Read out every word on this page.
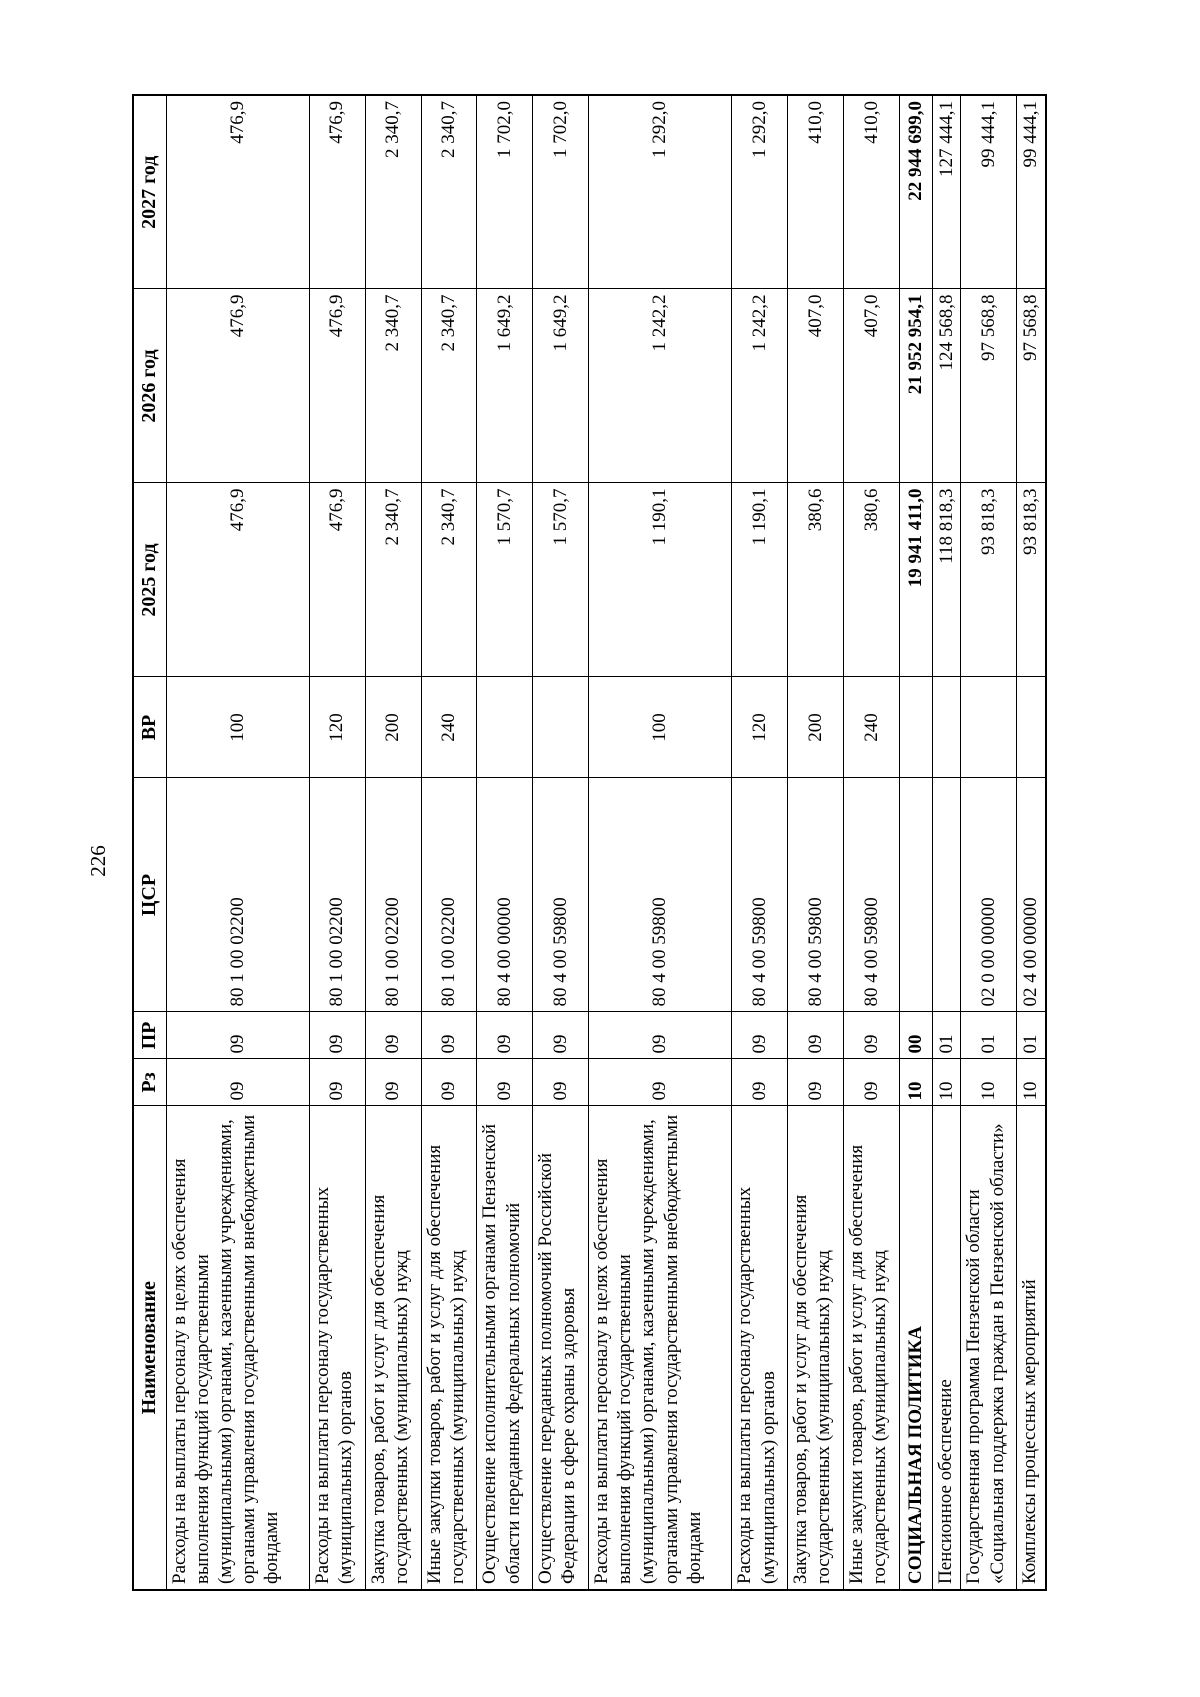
226
Наименование	Рз	ПР	ЦСР	ВР	2025 год	2026 год	2027 год
Расходы на выплаты персоналу в целях обеспечения выполнения функций государственными (муниципальными) органами, казенными учреждениями, органами управления государственными внебюджетными фондами	09	09	80 1 00 02200	100	476,9	476,9	476,9
Расходы на выплаты персоналу государственных (муниципальных) органов	09	09	80 1 00 02200	120	476,9	476,9	476,9
Закупка товаров, работ и услуг для обеспечения государственных (муниципальных) нужд	09	09	80 1 00 02200	200	2 340,7	2 340,7	2 340,7
Иные закупки товаров, работ и услуг для обеспечения государственных (муниципальных) нужд	09	09	80 1 00 02200	240	2 340,7	2 340,7	2 340,7
Осуществление исполнительными органами Пензенской области переданных федеральных полномочий	09	09	80 4 00 00000		1 570,7	1 649,2	1 702,0
Осуществление переданных полномочий Российской Федерации в сфере охраны здоровья	09	09	80 4 00 59800		1 570,7	1 649,2	1 702,0
Расходы на выплаты персоналу в целях обеспечения выполнения функций государственными (муниципальными) органами, казенными учреждениями, органами управления государственными внебюджетными фондами	09	09	80 4 00 59800	100	1 190,1	1 242,2	1 292,0
Расходы на выплаты персоналу государственных (муниципальных) органов	09	09	80 4 00 59800	120	1 190,1	1 242,2	1 292,0
Закупка товаров, работ и услуг для обеспечения государственных (муниципальных) нужд	09	09	80 4 00 59800	200	380,6	407,0	410,0
Иные закупки товаров, работ и услуг для обеспечения государственных (муниципальных) нужд	09	09	80 4 00 59800	240	380,6	407,0	410,0
СОЦИАЛЬНАЯ ПОЛИТИКА	10	00			19 941 411,0	21 952 954,1	22 944 699,0
Пенсионное обеспечение	10	01			118 818,3	124 568,8	127 444,1
Государственная программа Пензенской области «Социальная поддержка граждан в Пензенской области»	10	01	02 0 00 00000		93 818,3	97 568,8	99 444,1
Комплексы процессных мероприятий	10	01	02 4 00 00000		93 818,3	97 568,8	99 444,1
